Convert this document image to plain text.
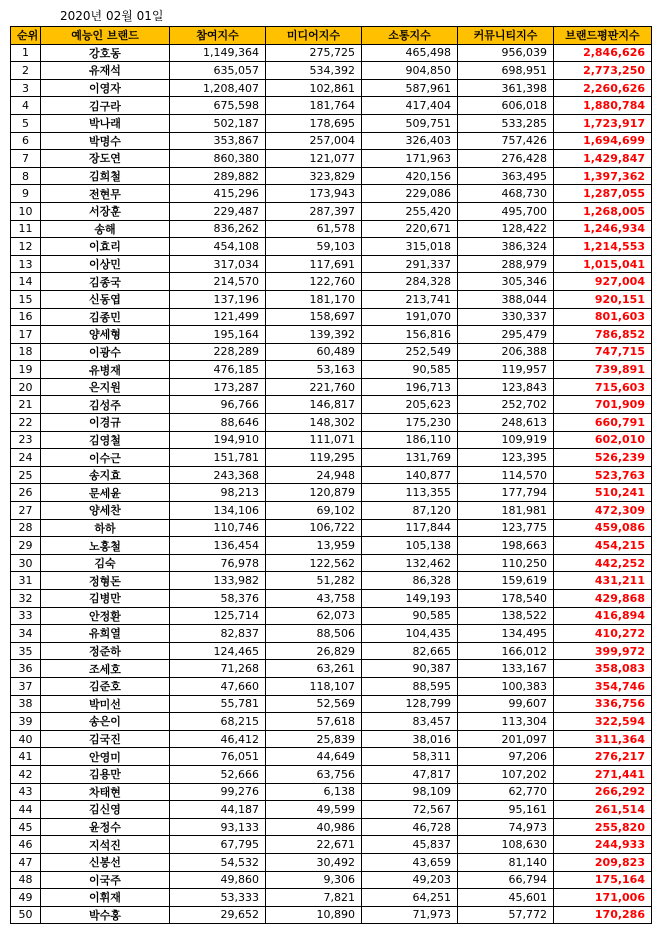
2020년 02월 01일
순위	예능인 브랜드	참여지수	미디어지수	소통지수	커뮤니티지수	브랜드평판지수
1	강호동	1,149,364	275,725	465,498	956,039	2,846,626
2	유재석	635,057	534,392	904,850	698,951	2,773,250
3	이영자	1,208,407	102,861	587,961	361,398	2,260,626
4	김구라	675,598	181,764	417,404	606,018	1,880,784
5	박나래	502,187	178,695	509,751	533,285	1,723,917
6	박명수	353,867	257,004	326,403	757,426	1,694,699
7	장도연	860,380	121,077	171,963	276,428	1,429,847
8	김희철	289,882	323,829	420,156	363,495	1,397,362
9	전현무	415,296	173,943	229,086	468,730	1,287,055
10	서장훈	229,487	287,397	255,420	495,700	1,268,005
11	송해	836,262	61,578	220,671	128,422	1,246,934
12	이효리	454,108	59,103	315,018	386,324	1,214,553
13	이상민	317,034	117,691	291,337	288,979	1,015,041
14	김종국	214,570	122,760	284,328	305,346	927,004
15	신동엽	137,196	181,170	213,741	388,044	920,151
16	김종민	121,499	158,697	191,070	330,337	801,603
17	양세형	195,164	139,392	156,816	295,479	786,852
18	이광수	228,289	60,489	252,549	206,388	747,715
19	유병재	476,185	53,163	90,585	119,957	739,891
20	은지원	173,287	221,760	196,713	123,843	715,603
21	김성주	96,766	146,817	205,623	252,702	701,909
22	이경규	88,646	148,302	175,230	248,613	660,791
23	김영철	194,910	111,071	186,110	109,919	602,010
24	이수근	151,781	119,295	131,769	123,395	526,239
25	송지효	243,368	24,948	140,877	114,570	523,763
26	문세윤	98,213	120,879	113,355	177,794	510,241
27	양세찬	134,106	69,102	87,120	181,981	472,309
28	하하	110,746	106,722	117,844	123,775	459,086
29	노홍철	136,454	13,959	105,138	198,663	454,215
30	김숙	76,978	122,562	132,462	110,250	442,252
31	정형돈	133,982	51,282	86,328	159,619	431,211
32	김병만	58,376	43,758	149,193	178,540	429,868
33	안정환	125,714	62,073	90,585	138,522	416,894
34	유희열	82,837	88,506	104,435	134,495	410,272
35	정준하	124,465	26,829	82,665	166,012	399,972
36	조세호	71,268	63,261	90,387	133,167	358,083
37	김준호	47,660	118,107	88,595	100,383	354,746
38	박미선	55,781	52,569	128,799	99,607	336,756
39	송은이	68,215	57,618	83,457	113,304	322,594
40	김국진	46,412	25,839	38,016	201,097	311,364
41	안영미	76,051	44,649	58,311	97,206	276,217
42	김용만	52,666	63,756	47,817	107,202	271,441
43	차태현	99,276	6,138	98,109	62,770	266,292
44	김신영	44,187	49,599	72,567	95,161	261,514
45	윤정수	93,133	40,986	46,728	74,973	255,820
46	지석진	67,795	22,671	45,837	108,630	244,933
47	신봉선	54,532	30,492	43,659	81,140	209,823
48	이국주	49,860	9,306	49,203	66,794	175,164
49	이휘재	53,333	7,821	64,251	45,601	171,006
50	박수홍	29,652	10,890	71,973	57,772	170,286
